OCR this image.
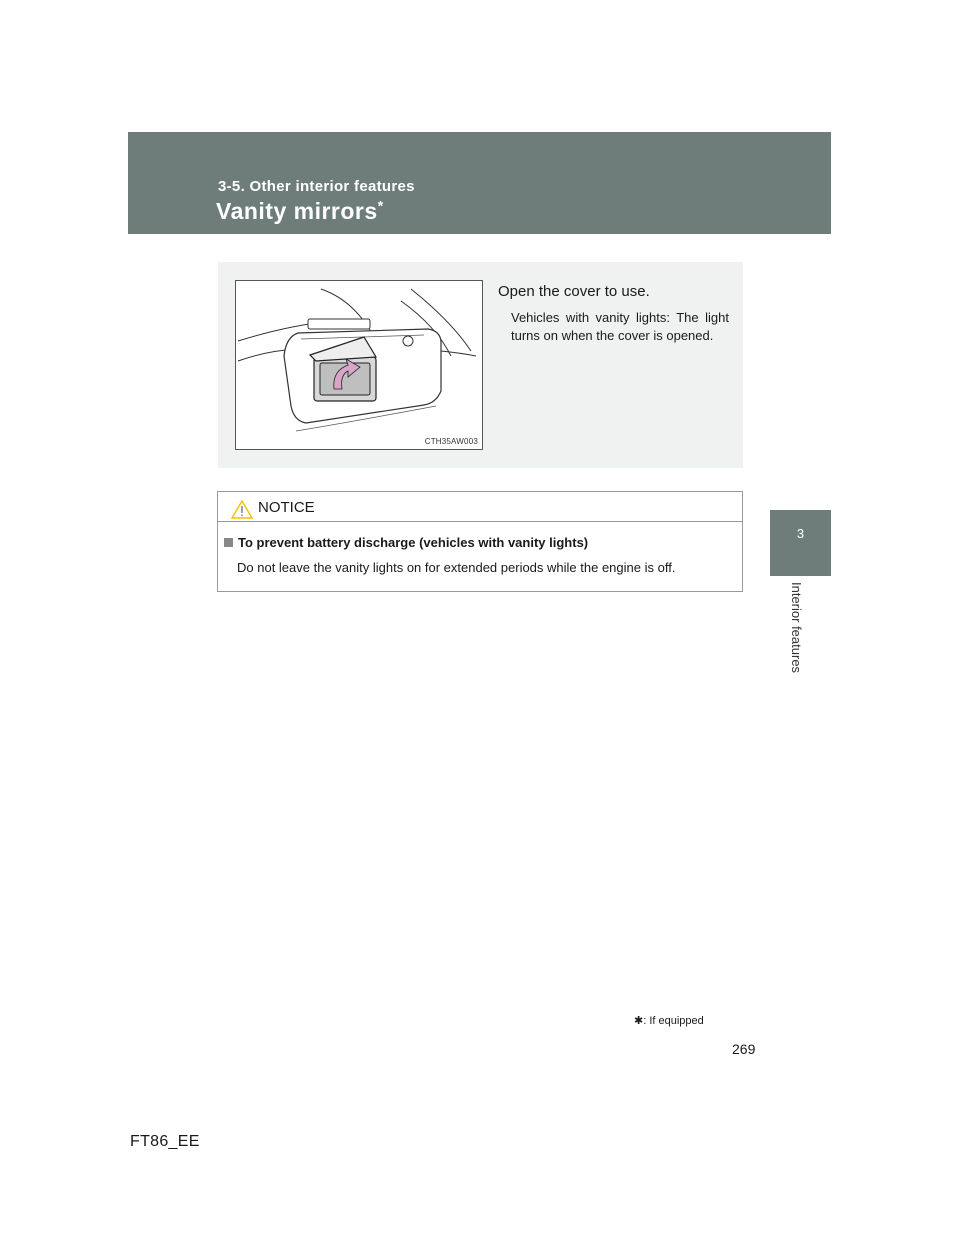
3-5. Other interior features
Vanity mirrors*
3
Interior features
CTH35AW003
Open the cover to use.
Vehicles with vanity lights: The light turns on when the cover is opened.
NOTICE
To prevent battery discharge (vehicles with vanity lights)
Do not leave the vanity lights on for extended periods while the engine is off.
✱: If equipped
269
FT86_EE
